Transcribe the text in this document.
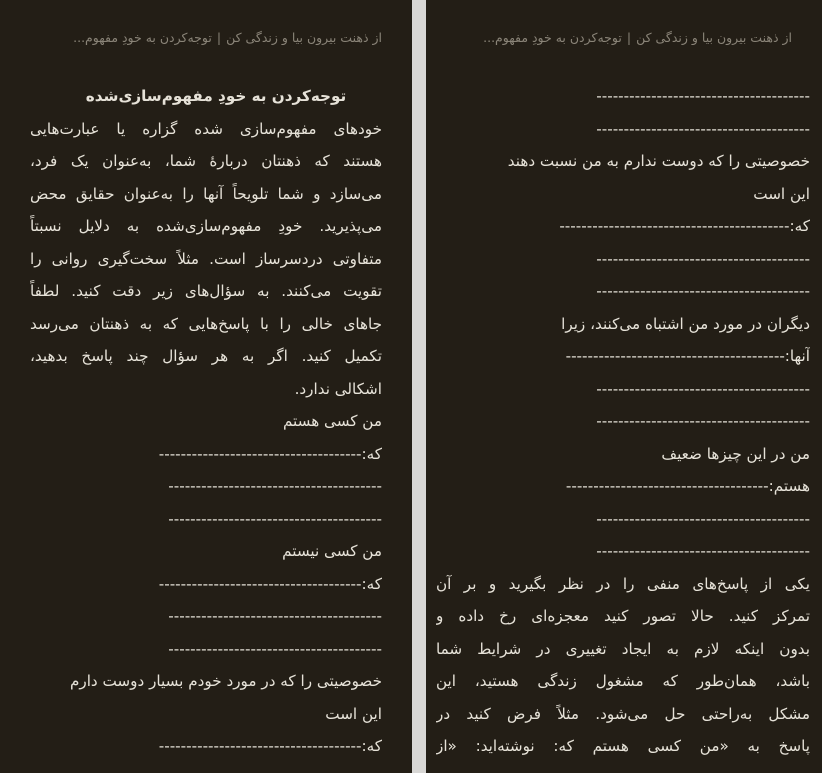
از ذهنت بیرون بیا و زندگی کن|توجه‌کردن به خودِ مفهوم...
توجه‌کردن به خودِ مفهوم‌سازی‌شده
خودهای مفهوم‌سازی شده گزاره یا عبارت‌هایی
هستند که ذهنتان دربارهٔ شما، به‌عنوان یک فرد،
می‌سازد و شما تلویحاً آنها را به‌عنوان حقایق محض
می‌پذیرید. خودِ مفهوم‌سازی‌شده به دلایل نسبتاً
متفاوتی دردسرساز است. مثلاً سخت‌گیری روانی را
تقویت می‌کنند. به سؤال‌های زیر دقت کنید. لطفاً
جاهای خالی را با پاسخ‌هایی که به ذهنتان می‌رسد
تکمیل کنید. اگر به هر سؤال چند پاسخ بدهید،
اشکالی ندارد.
من کسی هستم
که:-------------------------------------
---------------------------------------
---------------------------------------
من کسی نیستم
که:-------------------------------------
---------------------------------------
---------------------------------------
خصوصیتی را که در مورد خودم بسیار دوست دارم
این است
که:-------------------------------------
از ذهنت بیرون بیا و زندگی کن|توجه‌کردن به خودِ مفهوم...
---------------------------------------
---------------------------------------
خصوصیتی را که دوست ندارم به من نسبت دهند
این است
که:------------------------------------------
---------------------------------------
---------------------------------------
دیگران در مورد من اشتباه می‌کنند، زیرا
آنها:----------------------------------------
---------------------------------------
---------------------------------------
من در این چیزها ضعیف
هستم:-------------------------------------
---------------------------------------
---------------------------------------
یکی از پاسخ‌های منفی را در نظر بگیرید و بر آن
تمرکز کنید. حالا تصور کنید معجزه‌ای رخ داده و
بدون اینکه لازم به ایجاد تغییری در شرایط شما
باشد، همان‌طور که مشغول زندگی هستید، این
مشکل به‌راحتی حل می‌شود. مثلاً فرض کنید در
پاسخ به «من کسی هستم که: نوشته‌اید: «از
